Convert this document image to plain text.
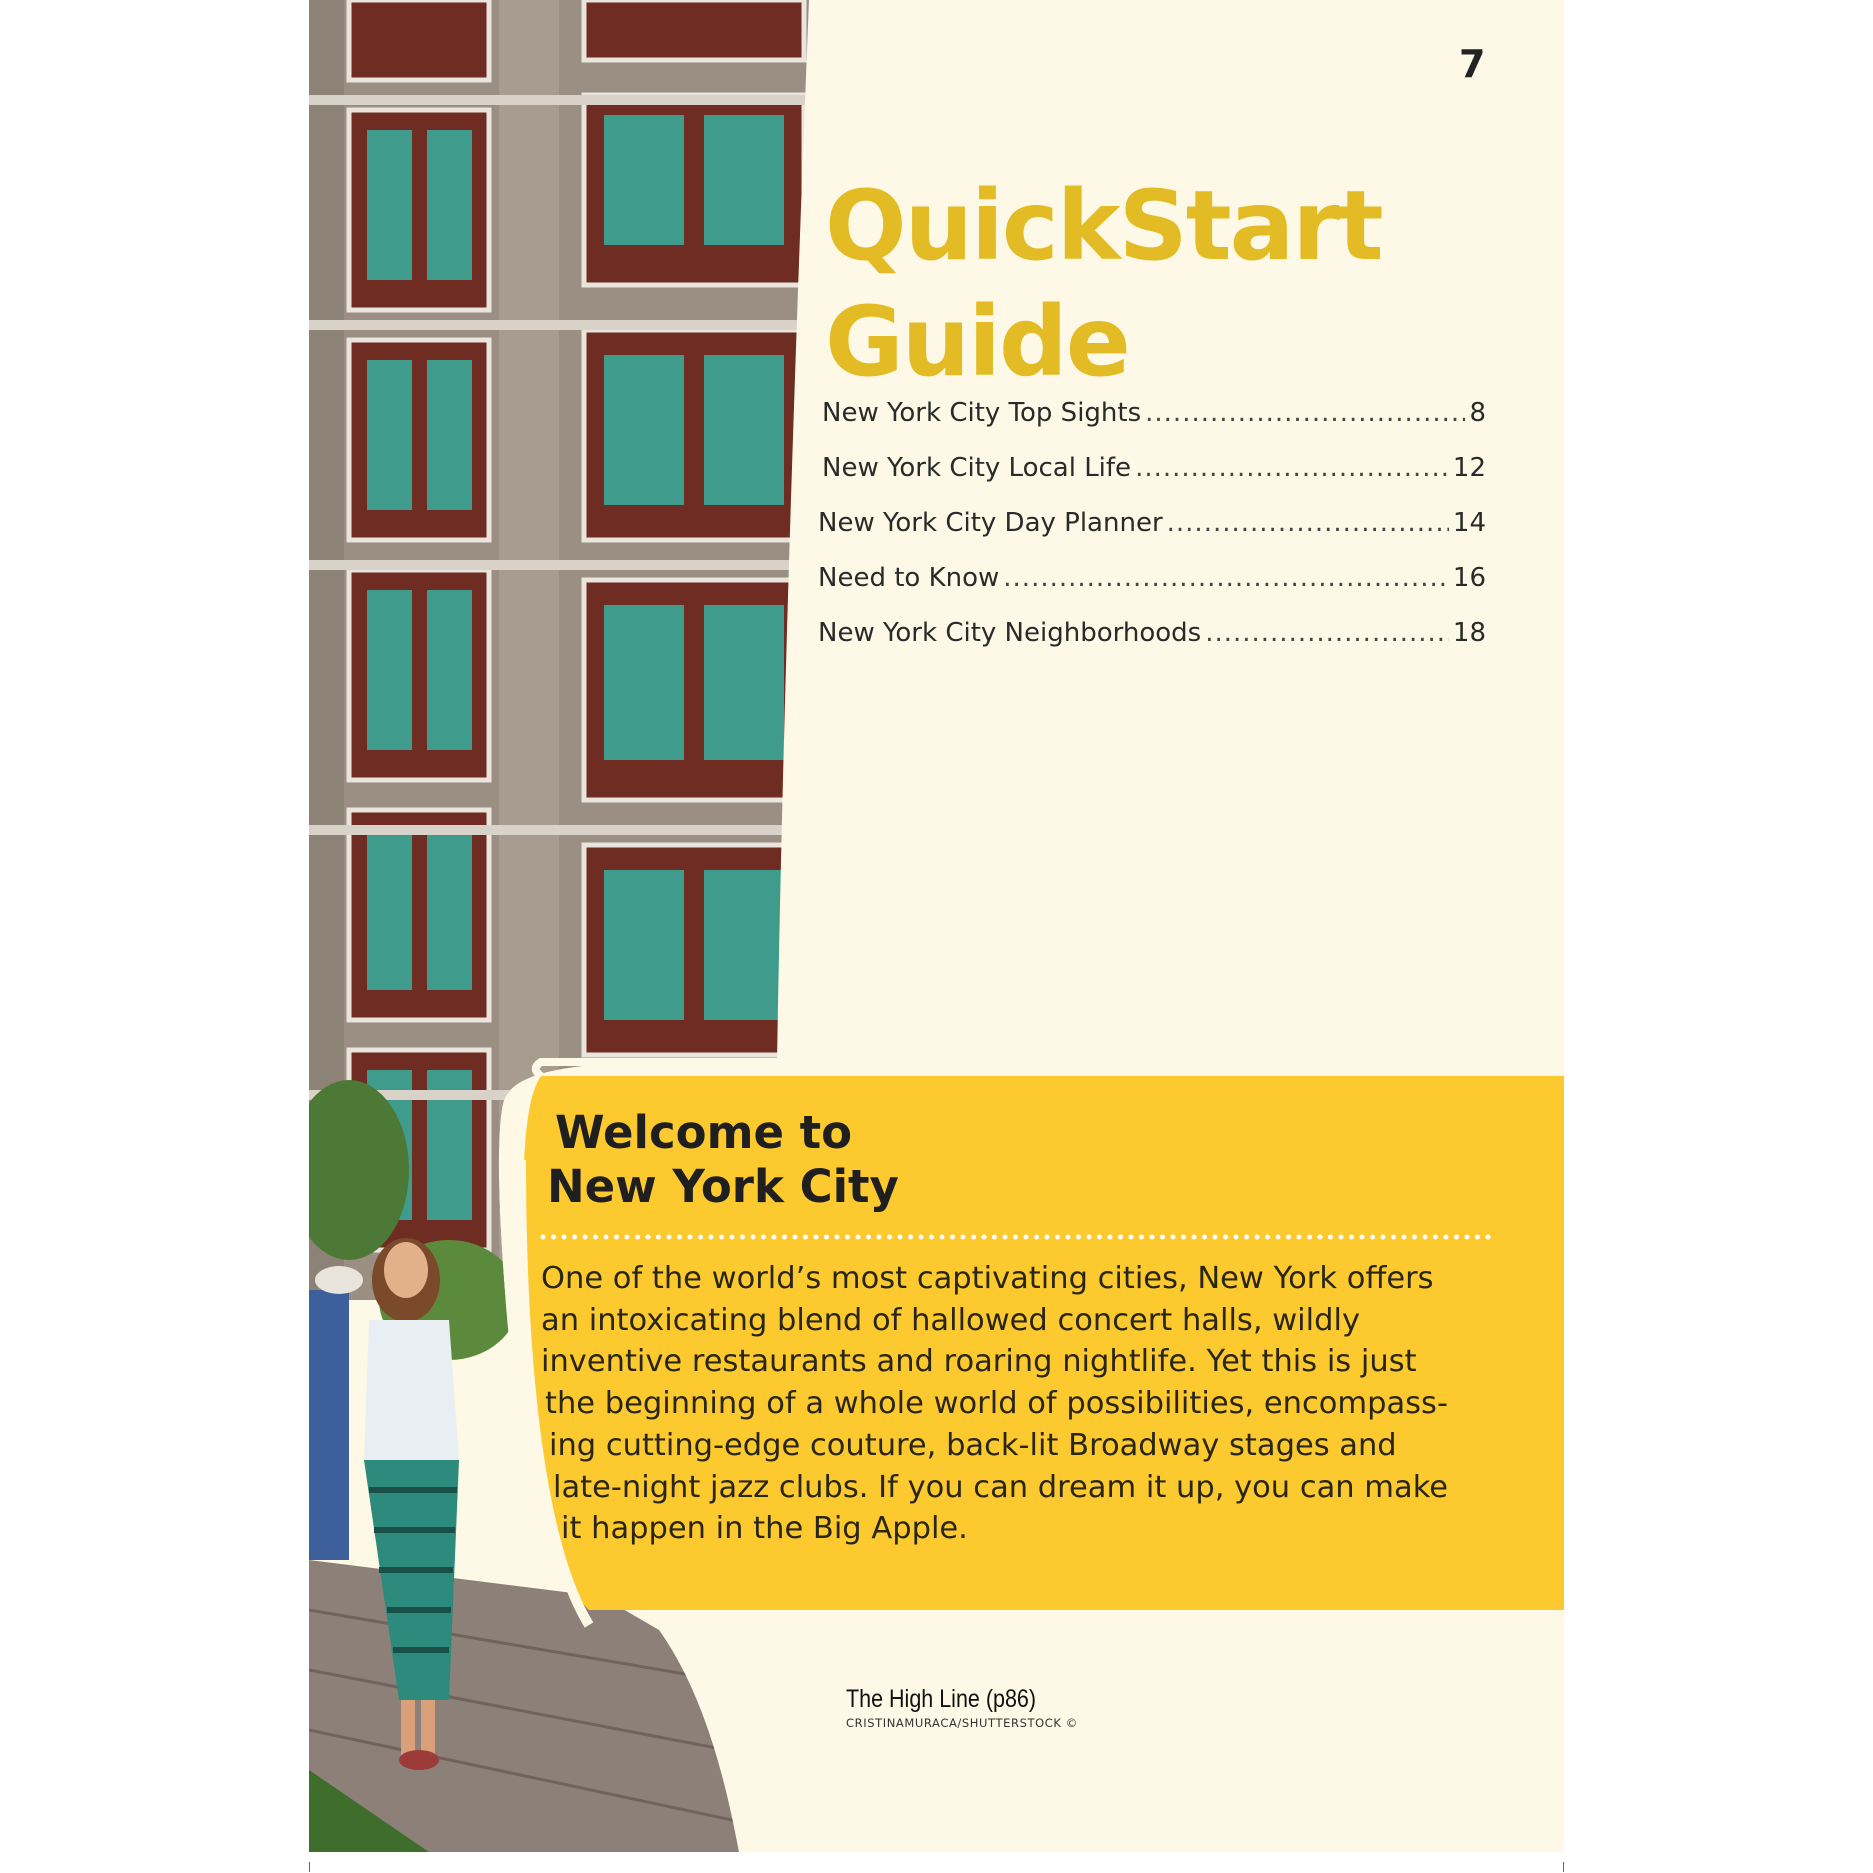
7
QuickStart
Guide
New York City Top Sights .....	8
New York City Local Life .....	12
New York City Day Planner .....	14
Need to Know .....	16
New York City Neighborhoods .....	18
Welcome to
New York City
One of the world’s most captivating cities, New York offers
an intoxicating blend of hallowed concert halls, wildly
inventive restaurants and roaring nightlife. Yet this is just
the beginning of a whole world of possibilities, encompass-
ing cutting-edge couture, back-lit Broadway stages and
late-night jazz clubs. If you can dream it up, you can make
it happen in the Big Apple.
The High Line (p86)
CRISTINAMURACA/SHUTTERSTOCK ©
